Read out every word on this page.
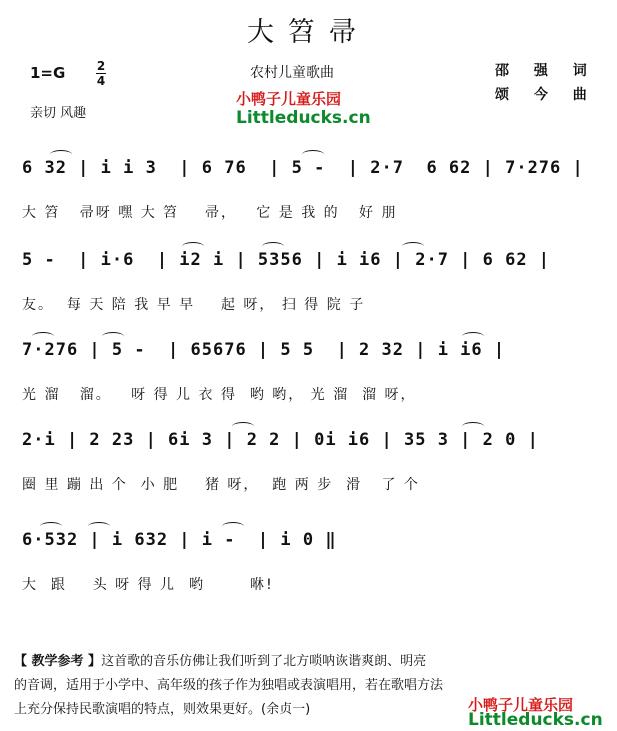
大笤帚
1=G	2
4
亲切 风趣
农村儿童歌曲	邵 强 词
颂 今 曲
小鸭子儿童乐园
Littleducks.cn
6 32 | i i 3  | 6 76  | 5 -  | 2·7  6 62 | 7·276 |
大 笤   帚呀 嘿 大 笤    帚，   它 是 我 的   好 朋
5 -  | i·6  | i2 i | 5356 | i i6 | 2·7 | 6 62 |
友。  每 天 陪 我 早 早    起 呀， 扫 得 院 子
7·276 | 5 -  | 65676 | 5 5  | 2 32 | i i6 |
光 溜   溜。   呀 得 儿 衣 得  哟 哟， 光 溜  溜 呀，
2·i | 2 23 | 6i 3 | 2 2 | 0i i6 | 35 3 | 2 0 |
圈 里 蹦 出 个  小 肥    猪 呀，  跑 两 步  滑   了 个
6·532 | i 632 | i -  | i 0 ‖
大  跟    头 呀 得 儿  哟       咻!
【 教学参考 】这首歌的音乐仿佛让我们听到了北方唢呐诙谐爽朗、明亮
的音调，适用于小学中、高年级的孩子作为独唱或表演唱用，若在歌唱方法
上充分保持民歌演唱的特点，则效果更好。(余贞一)	小鸭子儿童乐园
Littleducks.cn
